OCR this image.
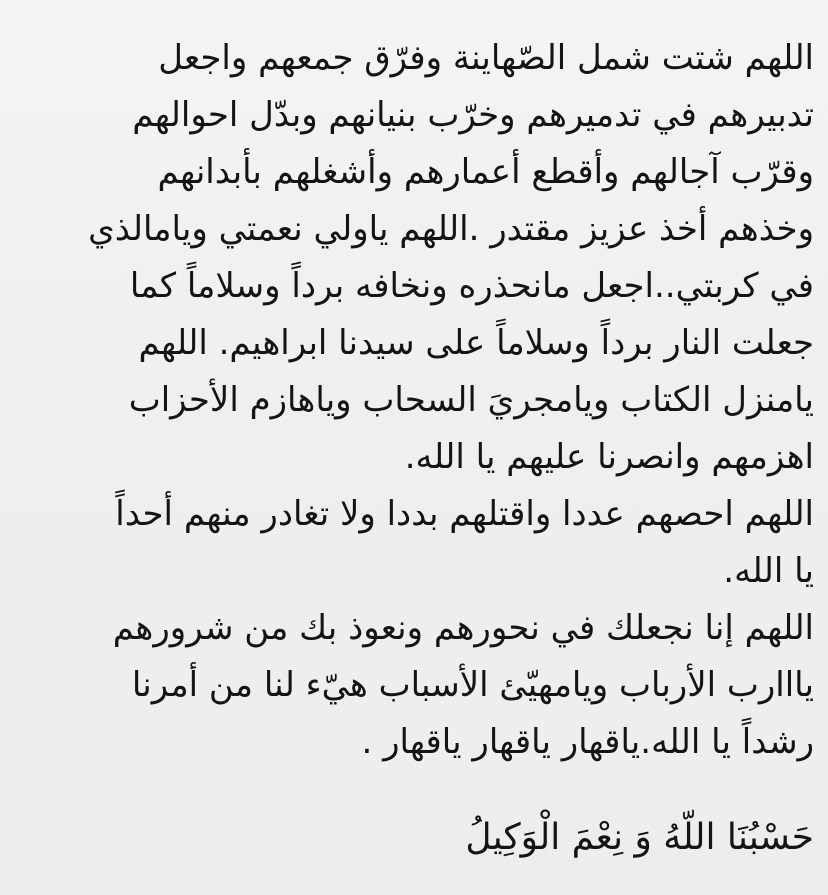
اللهم شتت شمل الصّهاينة وفرّق جمعهم واجعل
تدبيرهم في تدميرهم وخرّب بنيانهم وبدّل احوالهم
وقرّب آجالهم وأقطع أعمارهم وأشغلهم بأبدانهم
وخذهم أخذ عزيز مقتدر .اللهم ياولي نعمتي ويامالذي
في كربتي..اجعل مانحذره ونخافه برداً وسلاماً كما
جعلت النار برداً وسلاماً على سيدنا ابراهيم. اللهم
يامنزل الكتاب ويامجريَ السحاب وياهازم الأحزاب
اهزمهم وانصرنا عليهم يا الله.
اللهم احصهم عددا واقتلهم بددا ولا تغادر منهم أحداً
يا الله.
اللهم إنا نجعلك في نحورهم ونعوذ بك من شرورهم
يااارب الأرباب ويامهيّئ الأسباب هيّء لنا من أمرنا
رشداً يا الله.ياقهار ياقهار ياقهار .
حَسْبُنَا اللّهُ وَ نِعْمَ الْوَكِيلُ
